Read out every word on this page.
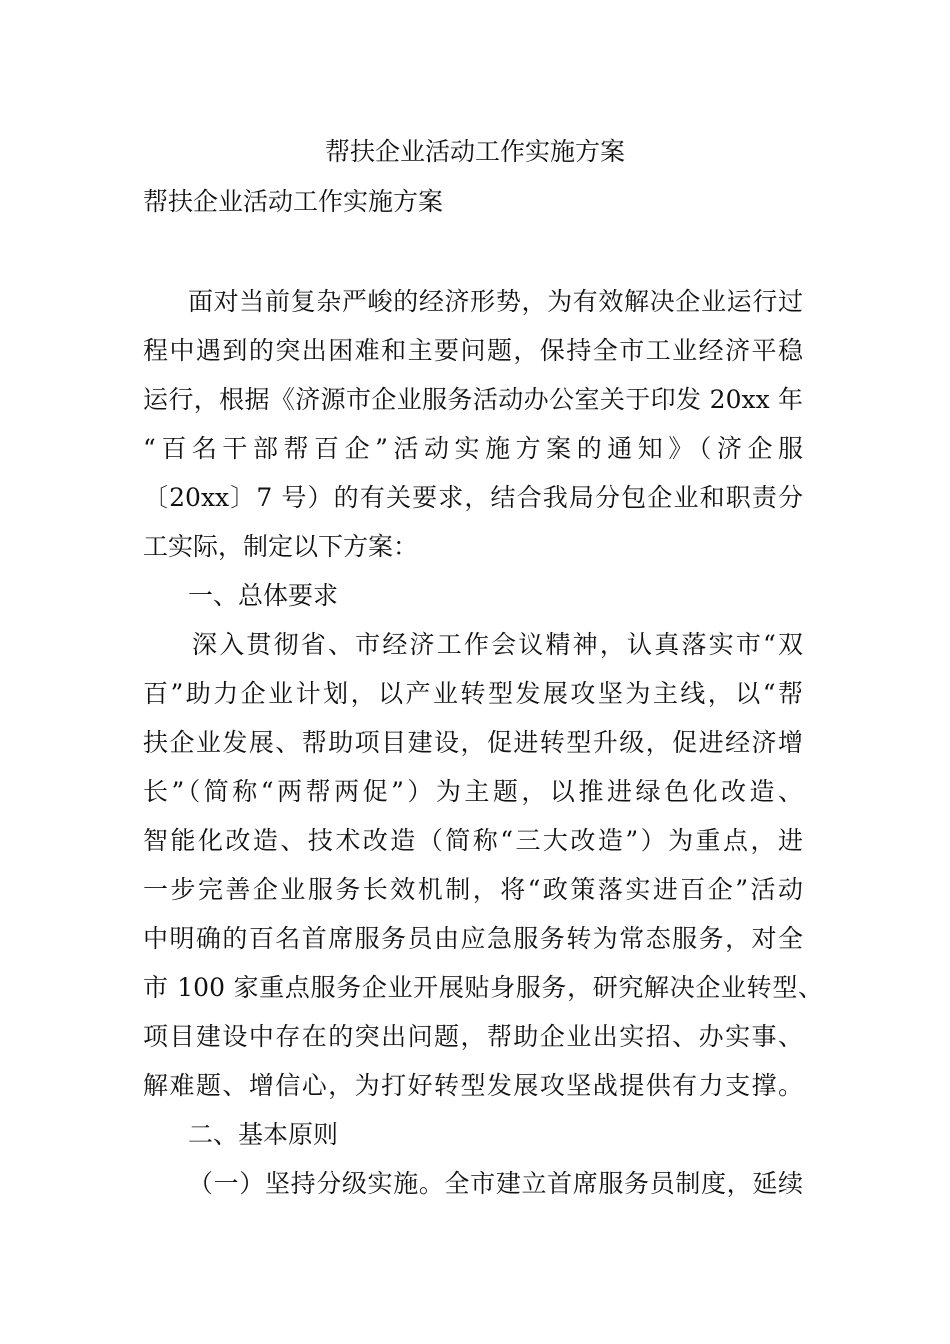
帮扶企业活动工作实施方案
帮扶企业活动工作实施方案
面对当前复杂严峻的经济形势，为有效解决企业运行过
程中遇到的突出困难和主要问题，保持全市工业经济平稳
运行，根据《济源市企业服务活动办公室关于印发 20xx 年
“百名干部帮百企”活动实施方案的通知》（济企服
〔20xx〕7 号）的有关要求，结合我局分包企业和职责分
工实际，制定以下方案：
一、总体要求
深入贯彻省、市经济工作会议精神，认真落实市“双
百”助力企业计划，以产业转型发展攻坚为主线，以“帮
扶企业发展、帮助项目建设，促进转型升级，促进经济增
长”（简称“两帮两促”）为主题，以推进绿色化改造、
智能化改造、技术改造（简称“三大改造”）为重点，进
一步完善企业服务长效机制，将“政策落实进百企”活动
中明确的百名首席服务员由应急服务转为常态服务，对全
市 100 家重点服务企业开展贴身服务，研究解决企业转型、
项目建设中存在的突出问题，帮助企业出实招、办实事、
解难题、增信心，为打好转型发展攻坚战提供有力支撑。
二、基本原则
（一）坚持分级实施。全市建立首席服务员制度，延续
